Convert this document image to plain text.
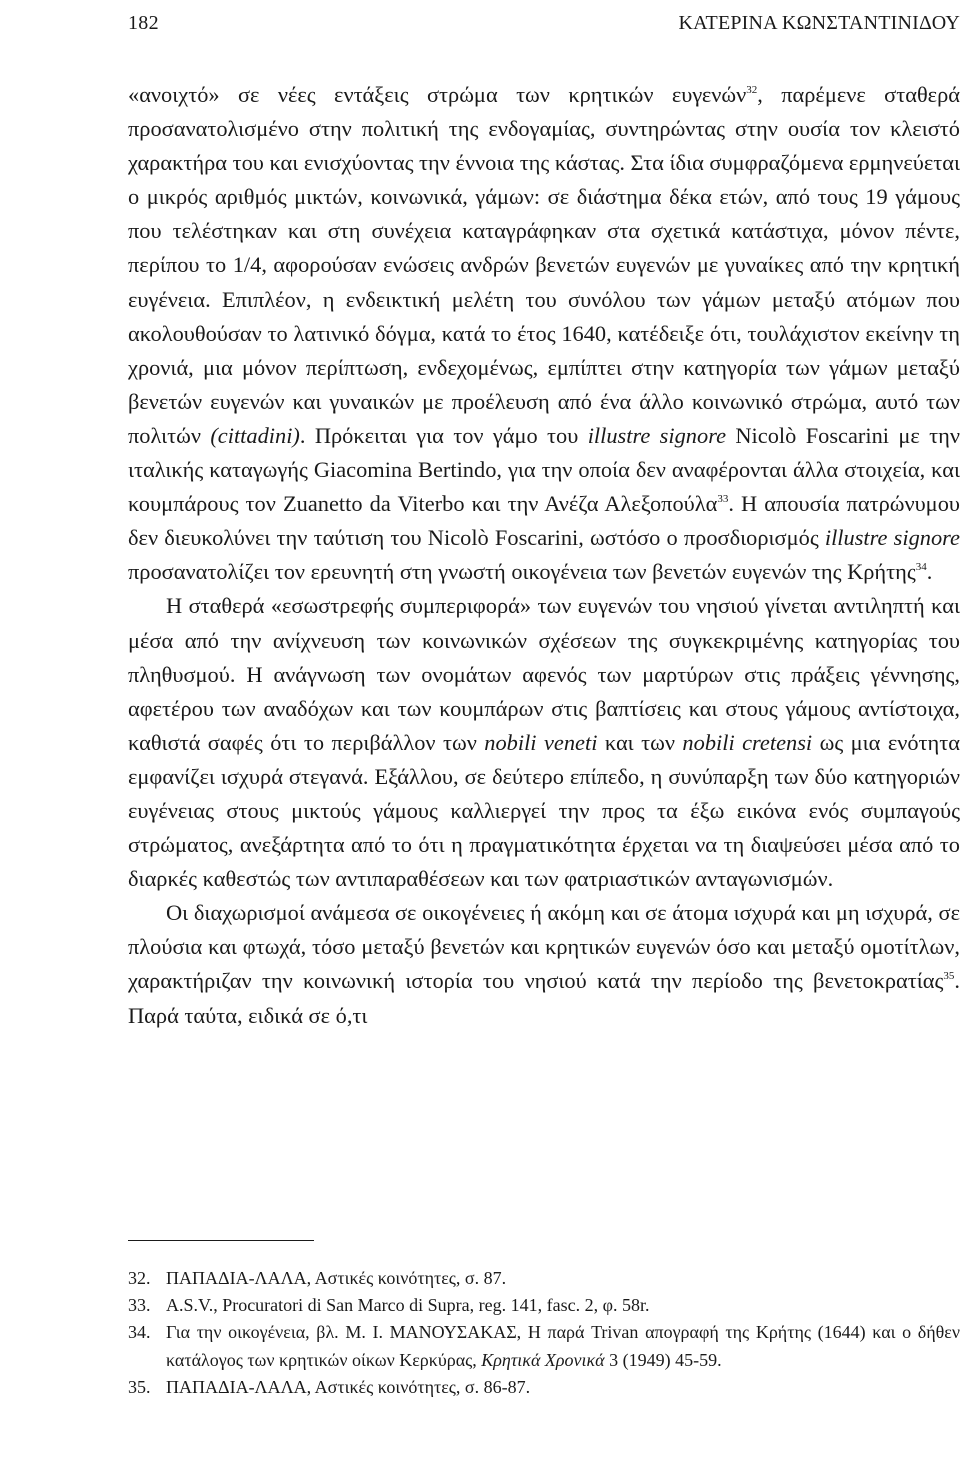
182	ΚΑΤΕΡΙΝΑ ΚΩΝΣΤΑΝΤΙΝΙΔΟΥ

«ανοιχτό» σε νέες εντάξεις στρώμα των κρητικών ευγενών$^{32}$, παρέμενε σταθερά προσανατολισμένο στην πολιτική της ενδογαμίας, συντηρώντας στην ουσία τον κλειστό χαρακτήρα του και ενισχύοντας την έννοια της κάστας. Στα ίδια συμφραζόμενα ερμηνεύεται ο μικρός αριθμός μικτών, κοινωνικά, γάμων: σε διάστημα δέκα ετών, από τους 19 γάμους που τελέστηκαν και στη συνέχεια καταγράφηκαν στα σχετικά κατάστιχα, μόνον πέντε, περίπου το 1/4, αφορούσαν ενώσεις ανδρών βενετών ευγενών με γυναίκες από την κρητική ευγένεια. Επιπλέον, η ενδεικτική μελέτη του συνόλου των γάμων μεταξύ ατόμων που ακολουθούσαν το λατινικό δόγμα, κατά το έτος 1640, κατέδειξε ότι, τουλάχιστον εκείνην τη χρονιά, μια μόνον περίπτωση, ενδεχομένως, εμπίπτει στην κατηγορία των γάμων μεταξύ βενετών ευγενών και γυναικών με προέλευση από ένα άλλο κοινωνικό στρώμα, αυτό των πολιτών (cittadini). Πρόκειται για τον γάμο του illustre signore Nicolò Foscarini με την ιταλικής καταγωγής Giacomina Bertindo, για την οποία δεν αναφέρονται άλλα στοιχεία, και κουμπάρους τον Zuanetto da Viterbo και την Ανέζα Αλεξοπούλα$^{33}$. Η απουσία πατρώνυμου δεν διευκολύνει την ταύτιση του Nicolò Foscarini, ωστόσο ο προσδιορισμός illustre signore προσανατολίζει τον ερευνητή στη γνωστή οικογένεια των βενετών ευγενών της Κρήτης$^{34}$.

Η σταθερά «εσωστρεφής συμπεριφορά» των ευγενών του νησιού γίνεται αντιληπτή και μέσα από την ανίχνευση των κοινωνικών σχέσεων της συγκεκριμένης κατηγορίας του πληθυσμού. Η ανάγνωση των ονομάτων αφενός των μαρτύρων στις πράξεις γέννησης, αφετέρου των αναδόχων και των κουμπάρων στις βαπτίσεις και στους γάμους αντίστοιχα, καθιστά σαφές ότι το περιβάλλον των nobili veneti και των nobili cretensi ως μια ενότητα εμφανίζει ισχυρά στεγανά. Εξάλλου, σε δεύτερο επίπεδο, η συνύπαρξη των δύο κατηγοριών ευγένειας στους μικτούς γάμους καλλιεργεί την προς τα έξω εικόνα ενός συμπαγούς στρώματος, ανεξάρτητα από το ότι η πραγματικότητα έρχεται να τη διαψεύσει μέσα από το διαρκές καθεστώς των αντιπαραθέσεων και των φατριαστικών ανταγωνισμών.

Οι διαχωρισμοί ανάμεσα σε οικογένειες ή ακόμη και σε άτομα ισχυρά και μη ισχυρά, σε πλούσια και φτωχά, τόσο μεταξύ βενετών και κρητικών ευγενών όσο και μεταξύ ομοτίτλων, χαρακτήριζαν την κοινωνική ιστορία του νησιού κατά την περίοδο της βενετοκρατίας$^{35}$. Παρά ταύτα, ειδικά σε ό,τι

32. ΠΑΠΑΔΙΑ-ΛΑΛΑ, Αστικές κοινότητες, σ. 87.
33. A.S.V., Procuratori di San Marco di Supra, reg. 141, fasc. 2, φ. 58r.
34. Για την οικογένεια, βλ. Μ. Ι. ΜΑΝΟΥΣΑΚΑΣ, Η παρά Trivan απογραφή της Κρήτης (1644) και ο δήθεν κατάλογος των κρητικών οίκων Κερκύρας, Κρητικά Χρονικά 3 (1949) 45-59.
35. ΠΑΠΑΔΙΑ-ΛΑΛΑ, Αστικές κοινότητες, σ. 86-87.
